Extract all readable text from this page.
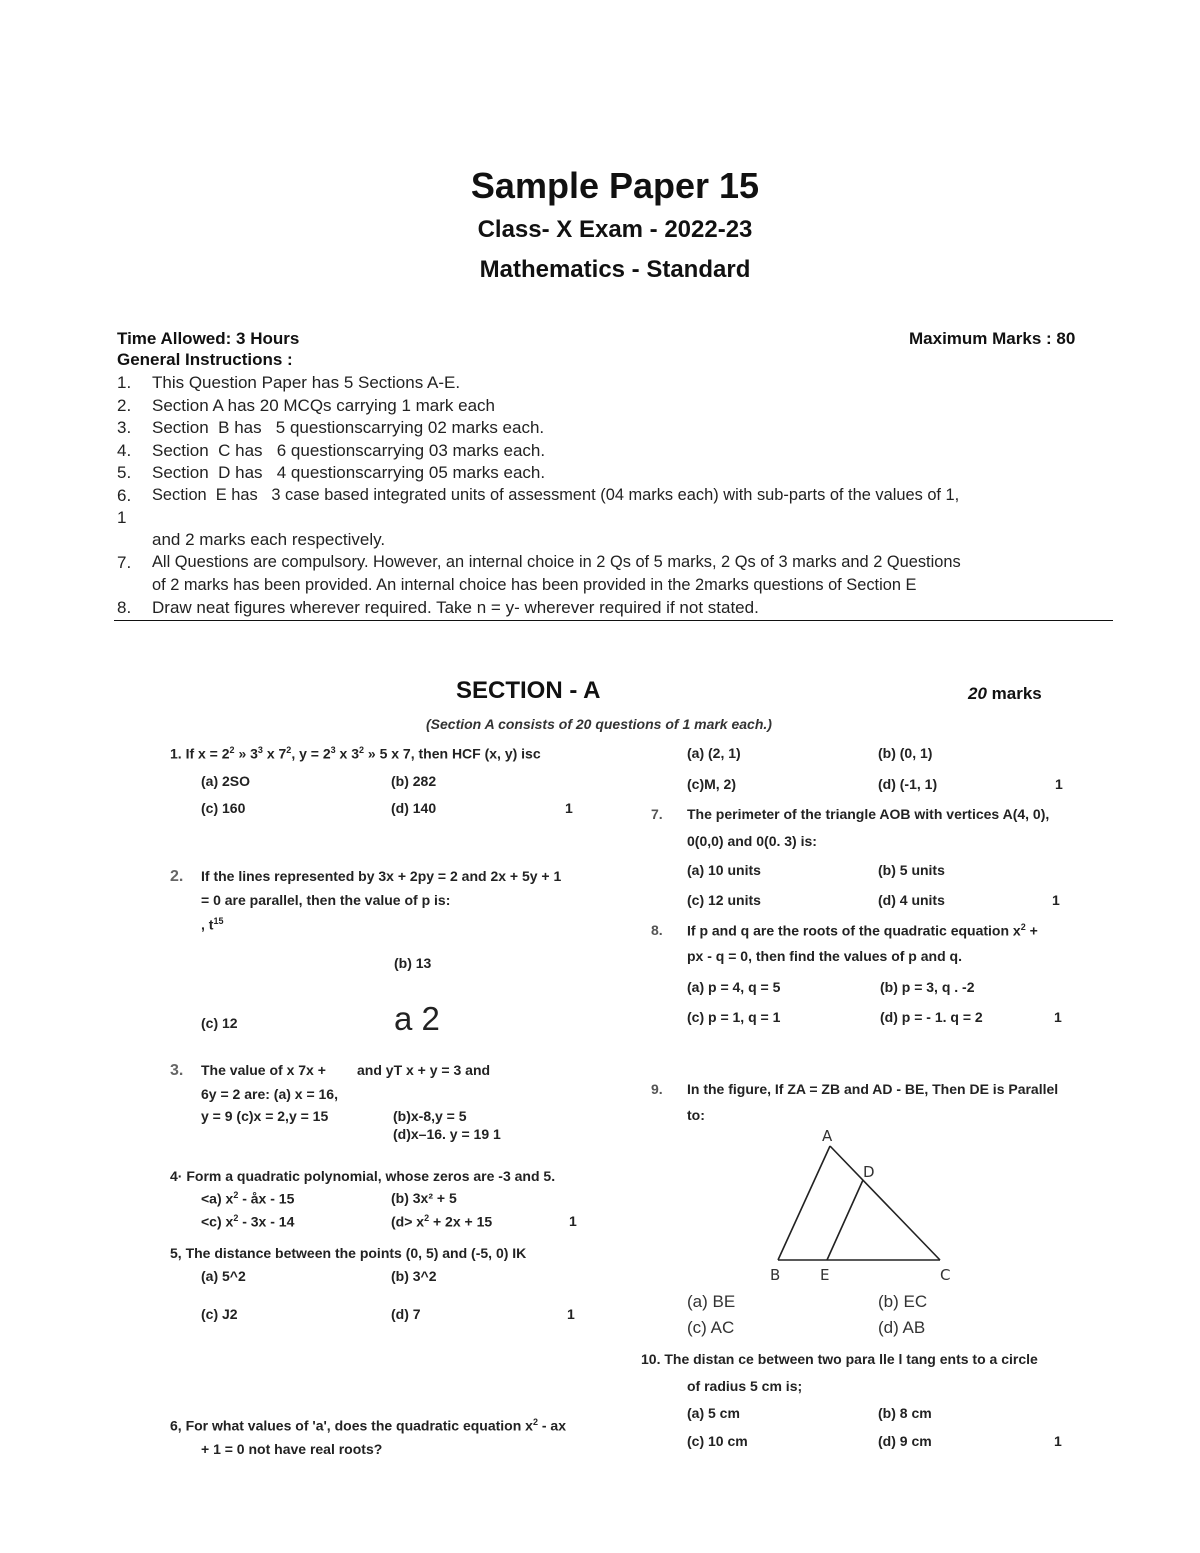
Sample Paper 15
Class- X Exam - 2022-23
Mathematics - Standard
Time Allowed: 3 Hours	Maximum Marks : 80
General Instructions :
1. This Question Paper has 5 Sections A-E.
2. Section A has 20 MCQs carrying 1 mark each
3. Section  B has   5 questionscarrying 02 marks each.
4. Section  C has   6 questionscarrying 03 marks each.
5. Section  D has   4 questionscarrying 05 marks each.
6. Section  E has   3 case based integrated units of assessment (04 marks each) with sub-parts of the values of 1,
1
and 2 marks each respectively.
7. All Questions are compulsory. However, an internal choice in 2 Qs of 5 marks, 2 Qs of 3 marks and 2 Questions
of 2 marks has been provided. An internal choice has been provided in the 2marks questions of Section E
8. Draw neat figures wherever required. Take n = y- wherever required if not stated.
SECTION - A	20 marks
(Section A consists of 20 questions of 1 mark each.)
1. If $x = 2^2$ » $3^3$ x $7^2$, $y = 2^3$ x $3^2$ » 5 x 7, then HCF (x, y) isc
(a) 2SO	(b) 282
(c) 160	(d) 140	1
2. If the lines represented by 3x + 2py = 2 and 2x + 5y + 1
= 0 are parallel, then the value of p is:
, $t^{15}$
(b) 13
(c) 12	a 2
3. The value of x 7x + and yT x + y = 3 and
6y = 2 are: (a) x = 16,
y = 9 (c)x = 2,y = 15	(b)x-8,y = 5
(d)x–16. y = 19 1
4· Form a quadratic polynomial, whose zeros are -3 and 5.
<a) $x^2$ - åx - 15	(b) 3x² + 5
<c) $x^2 - 3x - 14$	($d> x^2 + 2x + 15$	1
5, The distance between the points (0, 5) and (-5, 0) IK
(a) 5^2	(b) 3^2
(c) J2	(d) 7	1
6, For what values of 'a', does the quadratic equation $x^2$ - ax
+ 1 = 0 not have real roots?
(a) (2, 1)	(b) (0, 1)
(c)M, 2)	(d) (-1, 1)	1
7. The perimeter of the triangle AOB with vertices A(4, 0),
0(0,0) and 0(0. 3) is:
(a) 10 units	(b) 5 units
(c) 12 units	(d) 4 units	1
8. If p and q are the roots of the quadratic equation $x^2$ +
px - q = 0, then find the values of p and q.
(a) p = 4, q = 5	(b) p = 3, q . -2
(c) p = 1, q = 1	(d) p = - 1. q = 2	1
9. In the figure, If ZA = ZB and AD - BE, Then DE is Parallel
to:
A
B	C
D
E
(a) BE	(b) EC
(c) AC	(d) AB
10. The distan ce between two para lle l tang ents to a circle
of radius 5 cm is;
(a) 5 cm	(b) 8 cm
(c) 10 cm	(d) 9 cm	1
